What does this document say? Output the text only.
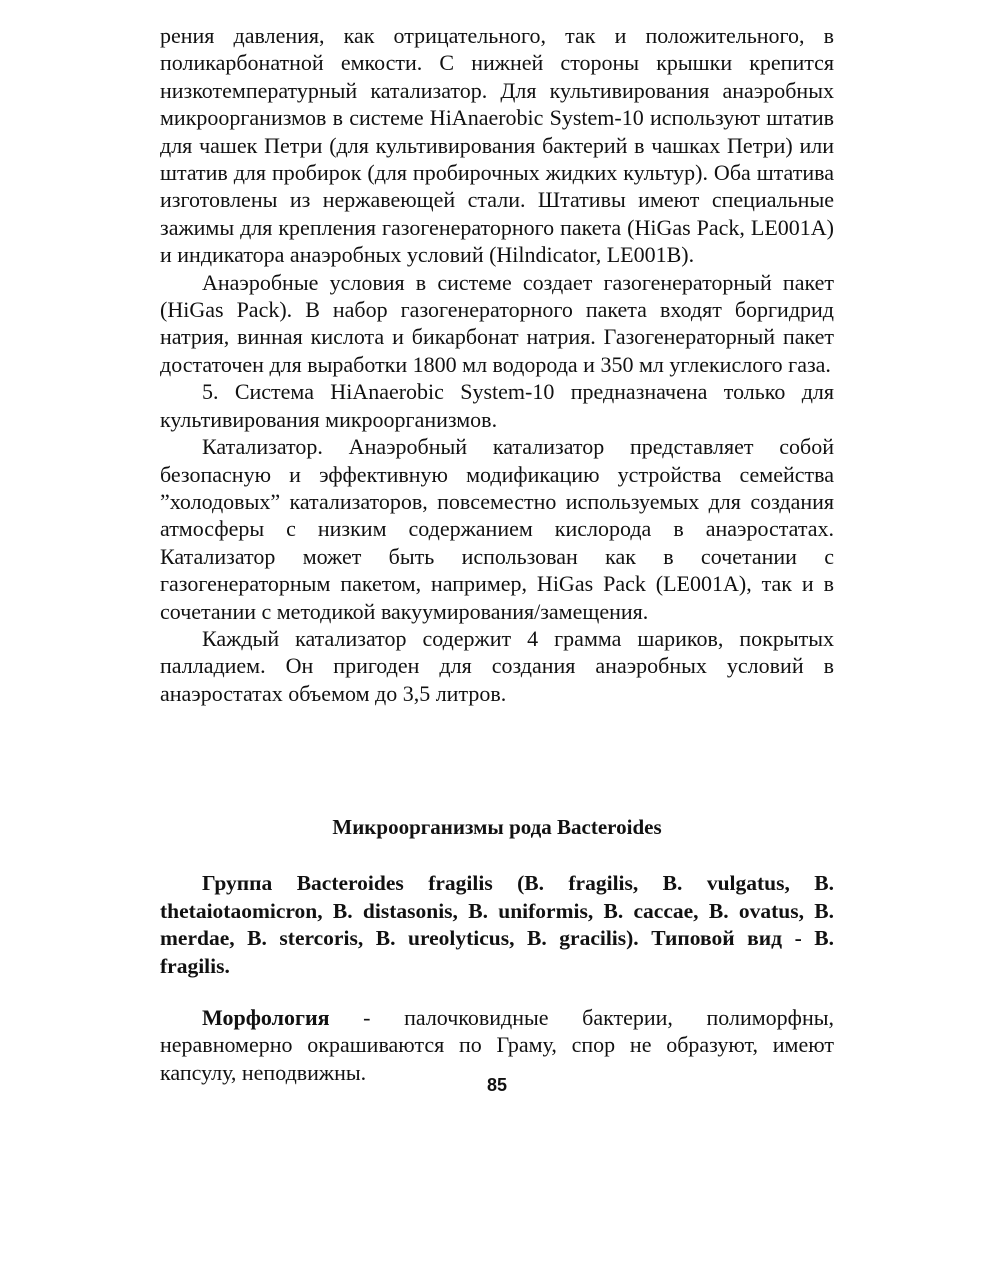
рения давления, как отрицательного, так и положительного, в поликарбонатной емкости. С нижней стороны крышки крепится низкотемпературный катализатор. Для культивирования анаэробных микроорганизмов в системе HiAnaerobic System-10 используют штатив для чашек Петри (для культивирования бактерий в чашках Петри) или штатив для пробирок (для пробирочных жидких культур). Оба штатива изготовлены из нержавеющей стали. Штативы имеют специальные зажимы для крепления газогенераторного пакета (HiGas Pack, LE001A) и индикатора анаэробных условий (Hilndicator, LE001B).

Анаэробные условия в системе создает газогенераторный пакет (HiGas Pack). В набор газогенераторного пакета входят боргидрид натрия, винная кислота и бикарбонат натрия. Газогенераторный пакет достаточен для выработки 1800 мл водорода и 350 мл углекислого газа.

5. Система HiAnaerobic System-10 предназначена только для культивирования микроорганизмов.

Катализатор. Анаэробный катализатор представляет собой безопасную и эффективную модификацию устройства семейства ”холодовых” катализаторов, повсеместно используемых для создания атмосферы с низким содержанием кислорода в анаэростатах. Катализатор может быть использован как в сочетании с газогенераторным пакетом, например, HiGas Pack (LE001A), так и в сочетании с методикой вакуумирования/замещения.

Каждый катализатор содержит 4 грамма шариков, покрытых палладием. Он пригоден для создания анаэробных условий в анаэростатах объемом до 3,5 литров.

Микроорганизмы рода Bacteroides

Группа Bacteroides fragilis (B. fragilis, B. vulgatus, B. thetaiotaomicron, B. distasonis, B. uniformis, B. caccae, B. ovatus, B. merdae, B. stercoris, B. ureolyticus, B. gracilis). Типовой вид - B. fragilis.

Морфология - палочковидные бактерии, полиморфны, неравномерно окрашиваются по Граму, спор не образуют, имеют капсулу, неподвижны.

85
